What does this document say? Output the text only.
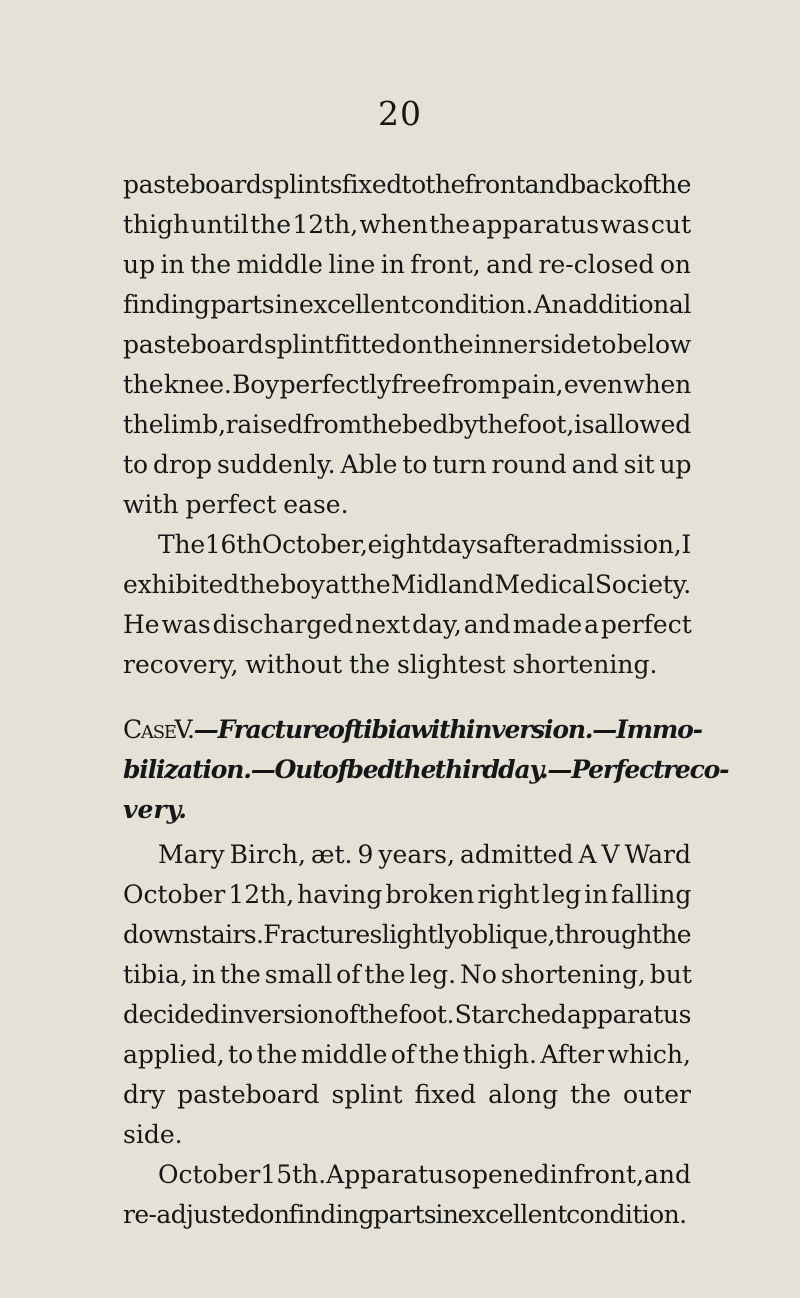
20
pasteboard splints fixed to the front and back of the
thigh until the 12th, when the apparatus was cut
up in the middle line in front, and re-closed on
finding parts in excellent condition. An additional
pasteboard splint fitted on the inner side to below
the knee. Boy perfectly free from pain, even when
the limb, raised from the bed by the foot, is allowed
to drop suddenly. Able to turn round and sit up
with perfect ease.
The 16th October, eight days after admission, I
exhibited the boy at the Midland Medical Society.
He was discharged next day, and made a perfect
recovery, without the slightest shortening.
Case V.—Fracture of tibia with inversion.—Immo-
bilization.—Out of bed the third day.—Perfect reco-
very.
Mary Birch, æt. 9 years, admitted A V Ward
October 12th, having broken right leg in falling
down stairs. Fracture slightly oblique, through the
tibia, in the small of the leg. No shortening, but
decided inversion of the foot. Starched apparatus
applied, to the middle of the thigh. After which,
dry pasteboard splint fixed along the outer
side.
October 15th. Apparatus opened in front, and
re-adjusted on finding parts in excellent condition.
